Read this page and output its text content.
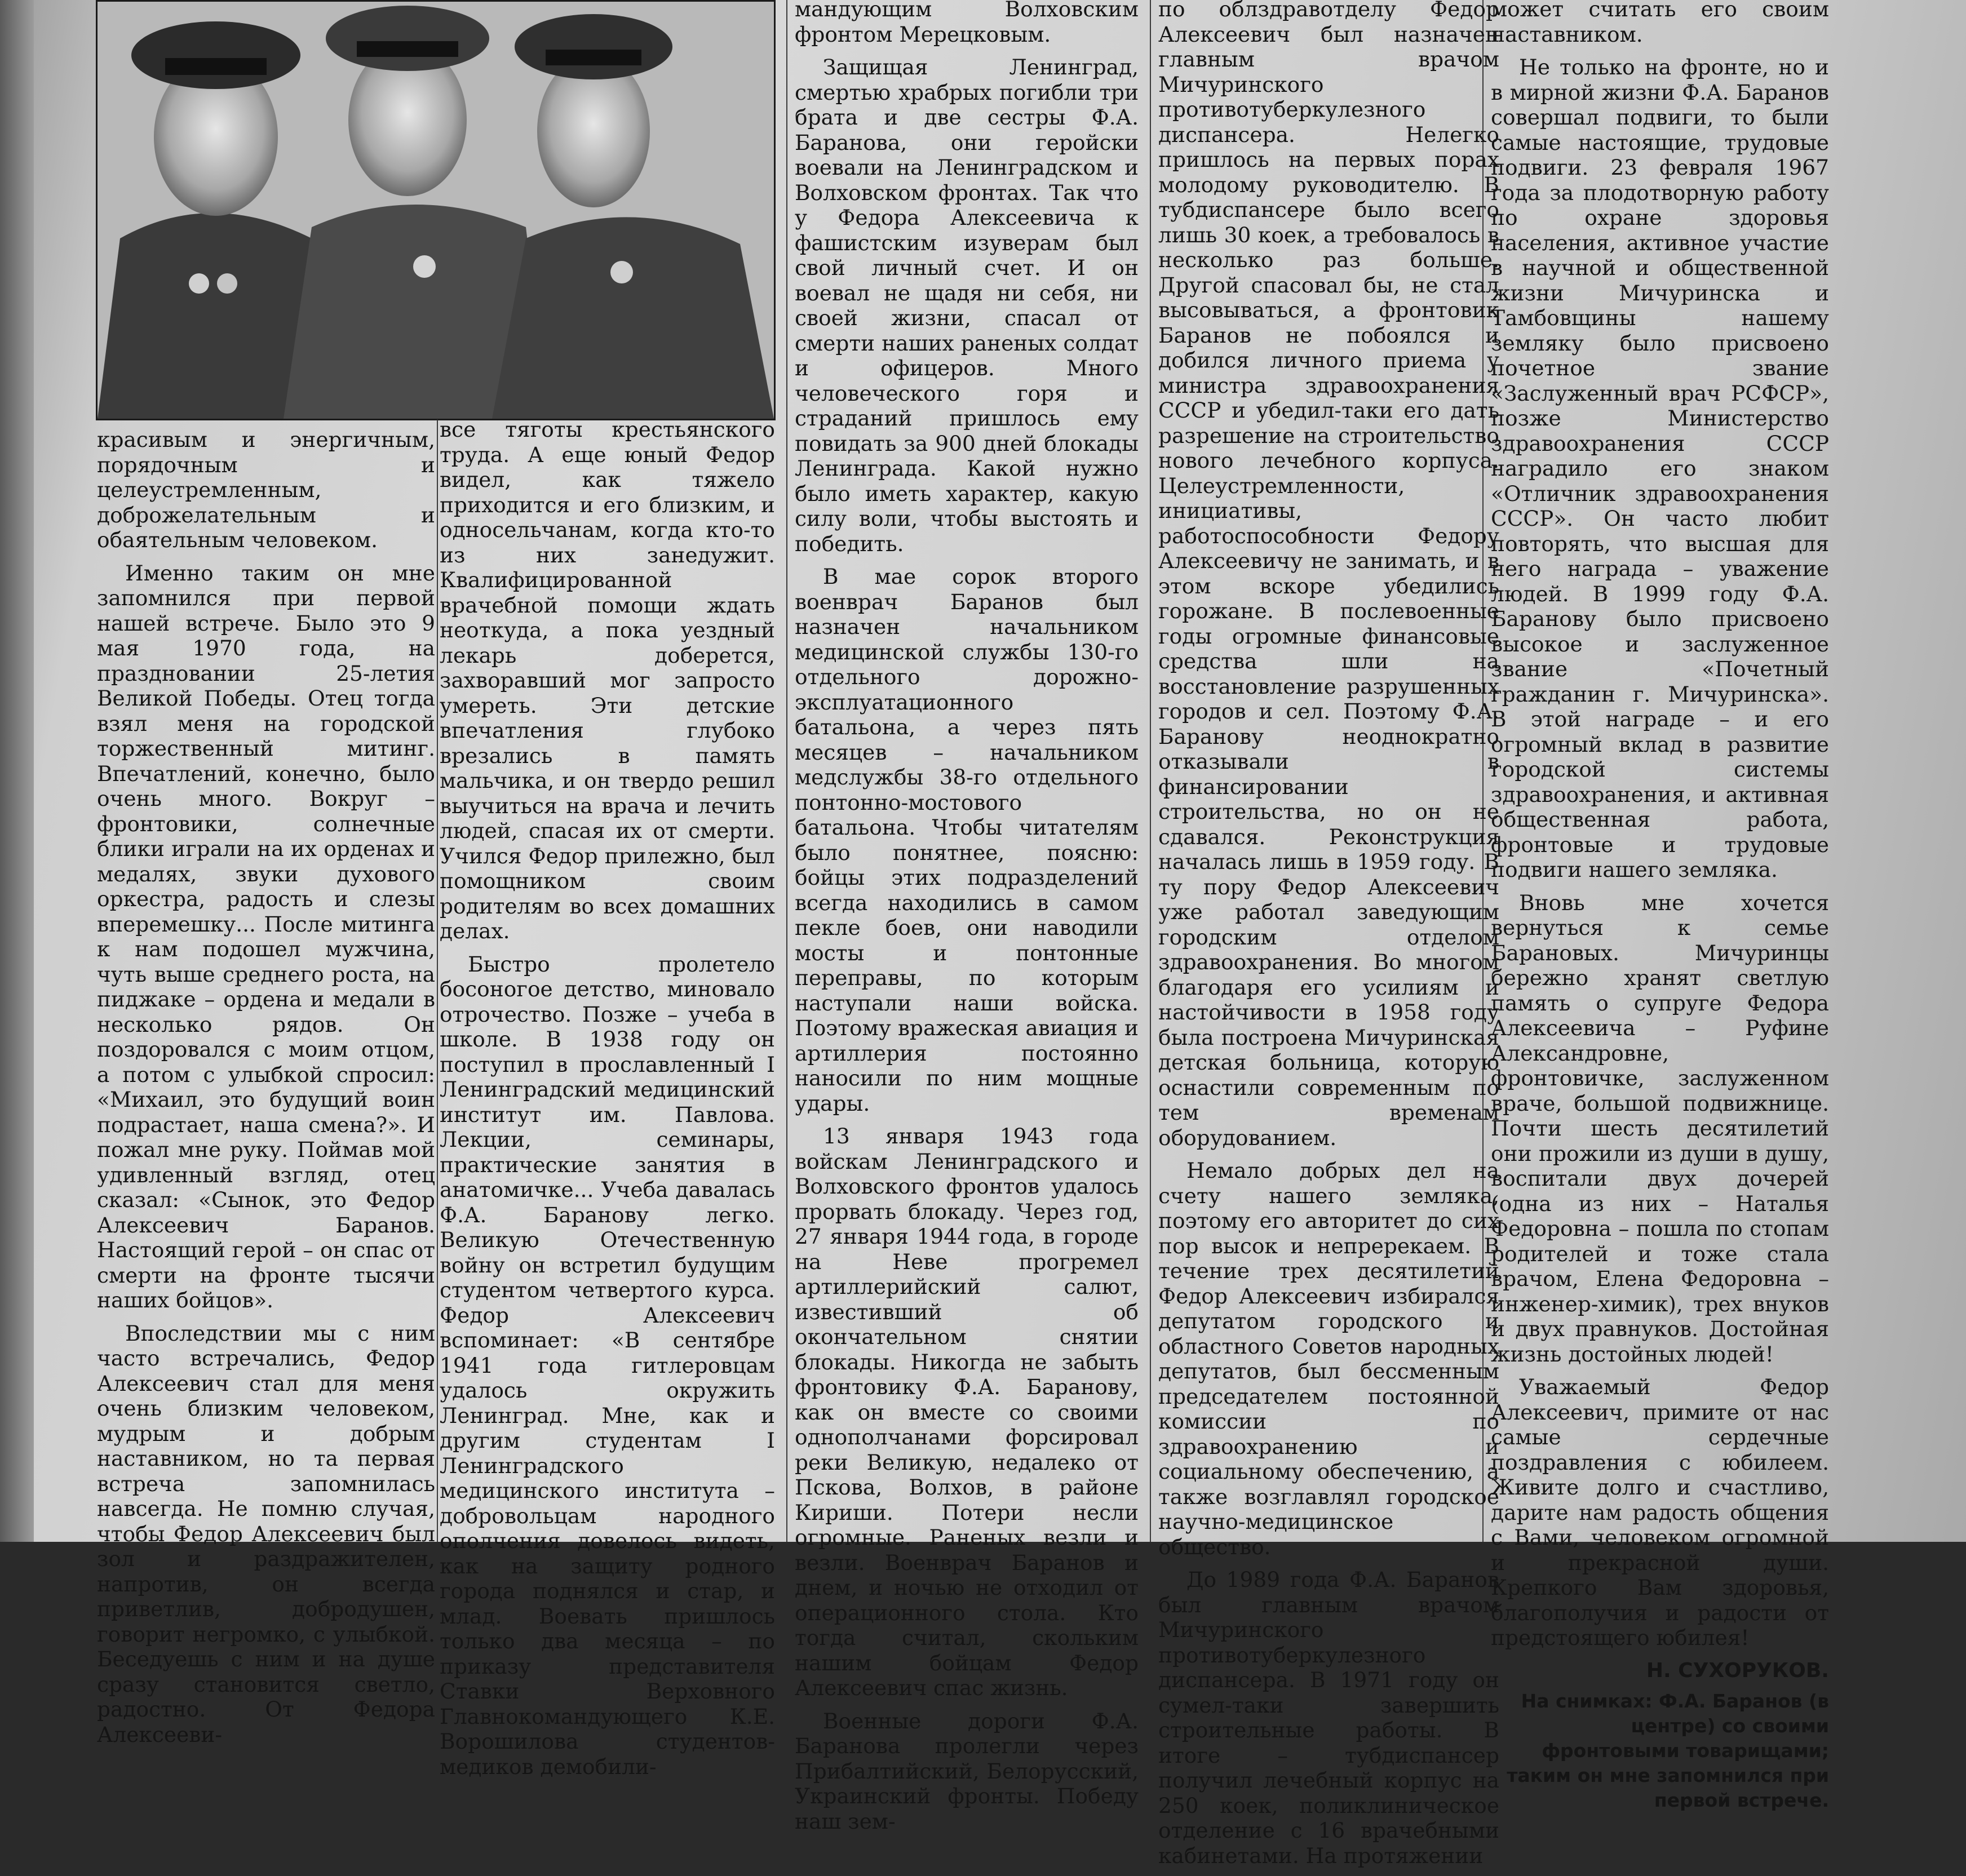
красивым и энергичным, порядочным и целеустремленным, доброжелательным и обаятельным человеком.

Именно таким он мне запомнился при первой нашей встрече. Было это 9 мая 1970 года, на праздновании 25-летия Великой Победы. Отец тогда взял меня на городской торжественный митинг. Впечатлений, конечно, было очень много. Вокруг – фронтовики, солнечные блики играли на их орденах и медалях, звуки духового оркестра, радость и слезы вперемешку... После митинга к нам подошел мужчина, чуть выше среднего роста, на пиджаке – ордена и медали в несколько рядов. Он поздоровался с моим отцом, а потом с улыбкой спросил: «Михаил, это будущий воин подрастает, наша смена?». И пожал мне руку. Поймав мой удивленный взгляд, отец сказал: «Сынок, это Федор Алексеевич Баранов. Настоящий герой – он спас от смерти на фронте тысячи наших бойцов».

Впоследствии мы с ним часто встречались, Федор Алексеевич стал для меня очень близким человеком, мудрым и добрым наставником, но та первая встреча запомнилась навсегда. Не помню случая, чтобы Федор Алексеевич был зол и раздражителен, напротив, он всегда приветлив, добродушен, говорит негромко, с улыбкой. Беседуешь с ним и на душе сразу становится светло, радостно. От Федора Алексееви-

все тяготы крестьянского труда. А еще юный Федор видел, как тяжело приходится и его близким, и односельчанам, когда кто-то из них занедужит. Квалифицированной врачебной помощи ждать неоткуда, а пока уездный лекарь доберется, захворавший мог запросто умереть. Эти детские впечатления глубоко врезались в память мальчика, и он твердо решил выучиться на врача и лечить людей, спасая их от смерти. Учился Федор прилежно, был помощником своим родителям во всех домашних делах.

Быстро пролетело босоногое детство, миновало отрочество. Позже – учеба в школе. В 1938 году он поступил в прославленный I Ленинградский медицинский институт им. Павлова. Лекции, семинары, практические занятия в анатомичке... Учеба давалась Ф.А. Баранову легко. Великую Отечественную войну он встретил будущим студентом четвертого курса. Федор Алексеевич вспоминает: «В сентябре 1941 года гитлеровцам удалось окружить Ленинград. Мне, как и другим студентам I Ленинградского медицинского института – добровольцам народного ополчения довелось видеть, как на защиту родного города поднялся и стар, и млад. Воевать пришлось только два месяца – по приказу представителя Ставки Верховного Главнокомандующего К.Е. Ворошилова студентов-медиков демобили-

мандующим Волховским фронтом Мерецковым.

Защищая Ленинград, смертью храбрых погибли три брата и две сестры Ф.А. Баранова, они геройски воевали на Ленинградском и Волховском фронтах. Так что у Федора Алексеевича к фашистским изуверам был свой личный счет. И он воевал не щадя ни себя, ни своей жизни, спасал от смерти наших раненых солдат и офицеров. Много человеческого горя и страданий пришлось ему повидать за 900 дней блокады Ленинграда. Какой нужно было иметь характер, какую силу воли, чтобы выстоять и победить.

В мае сорок второго военврач Баранов был назначен начальником медицинской службы 130-го отдельного дорожно-эксплуатационного батальона, а через пять месяцев – начальником медслужбы 38-го отдельного понтонно-мостового батальона. Чтобы читателям было понятнее, поясню: бойцы этих подразделений всегда находились в самом пекле боев, они наводили мосты и понтонные переправы, по которым наступали наши войска. Поэтому вражеская авиация и артиллерия постоянно наносили по ним мощные удары.

13 января 1943 года войскам Ленинградского и Волховского фронтов удалось прорвать блокаду. Через год, 27 января 1944 года, в городе на Неве прогремел артиллерийский салют, известивший об окончательном снятии блокады. Никогда не забыть фронтовику Ф.А. Баранову, как он вместе со своими однополчанами форсировал реки Великую, недалеко от Пскова, Волхов, в районе Кириши. Потери несли огромные. Раненых везли и везли. Военврач Баранов и днем, и ночью не отходил от операционного стола. Кто тогда считал, скольким нашим бойцам Федор Алексеевич спас жизнь.

Военные дороги Ф.А. Баранова пролегли через Прибалтийский, Белорусский, Украинский фронты. Победу наш зем-

по облздравотделу Федор Алексеевич был назначен главным врачом Мичуринского противотуберкулезного диспансера. Нелегко пришлось на первых порах молодому руководителю. В тубдиспансере было всего лишь 30 коек, а требовалось в несколько раз больше. Другой спасовал бы, не стал высовываться, а фронтовик Баранов не побоялся и добился личного приема у министра здравоохранения СССР и убедил-таки его дать разрешение на строительство нового лечебного корпуса. Целеустремленности, инициативы, работоспособности Федору Алексеевичу не занимать, и в этом вскоре убедились горожане. В послевоенные годы огромные финансовые средства шли на восстановление разрушенных городов и сел. Поэтому Ф.А. Баранову неоднократно отказывали в финансировании строительства, но он не сдавался. Реконструкция началась лишь в 1959 году. В ту пору Федор Алексеевич уже работал заведующим городским отделом здравоохранения. Во многом благодаря его усилиям и настойчивости в 1958 году была построена Мичуринская детская больница, которую оснастили современным по тем временам оборудованием.

Немало добрых дел на счету нашего земляка, поэтому его авторитет до сих пор высок и непререкаем. В течение трех десятилетий Федор Алексеевич избирался депутатом городского и областного Советов народных депутатов, был бессменным председателем постоянной комиссии по здравоохранению и социальному обеспечению, а также возглавлял городское научно-медицинское общество.

До 1989 года Ф.А. Баранов был главным врачом Мичуринского противотуберкулезного диспансера. В 1971 году он сумел-таки завершить строительные работы. В итоге – тубдиспансер получил лечебный корпус на 250 коек, поликлиническое отделение с 16 врачебными кабинетами. На протяжении

может считать его своим наставником.

Не только на фронте, но и в мирной жизни Ф.А. Баранов совершал подвиги, то были самые настоящие, трудовые подвиги. 23 февраля 1967 года за плодотворную работу по охране здоровья населения, активное участие в научной и общественной жизни Мичуринска и Тамбовщины нашему земляку было присвоено почетное звание «Заслуженный врач РСФСР», позже Министерство здравоохранения СССР наградило его знаком «Отличник здравоохранения СССР». Он часто любит повторять, что высшая для него награда – уважение людей. В 1999 году Ф.А. Баранову было присвоено высокое и заслуженное звание «Почетный гражданин г. Мичуринска». В этой награде – и его огромный вклад в развитие городской системы здравоохранения, и активная общественная работа, фронтовые и трудовые подвиги нашего земляка.

Вновь мне хочется вернуться к семье Барановых. Мичуринцы бережно хранят светлую память о супруге Федора Алексеевича – Руфине Александровне, фронтовичке, заслуженном враче, большой подвижнице. Почти шесть десятилетий они прожили из души в душу, воспитали двух дочерей (одна из них – Наталья Федоровна – пошла по стопам родителей и тоже стала врачом, Елена Федоровна – инженер-химик), трех внуков и двух правнуков. Достойная жизнь достойных людей!

Уважаемый Федор Алексеевич, примите от нас самые сердечные поздравления с юбилеем. Живите долго и счастливо, дарите нам радость общения с Вами, человеком огромной и прекрасной души. Крепкого Вам здоровья, благополучия и радости от предстоящего юбилея!

Н. СУХОРУКОВ.
На снимках: Ф.А. Баранов (в центре) со своими фронтовыми товарищами; таким он мне запомнился при первой встрече.
